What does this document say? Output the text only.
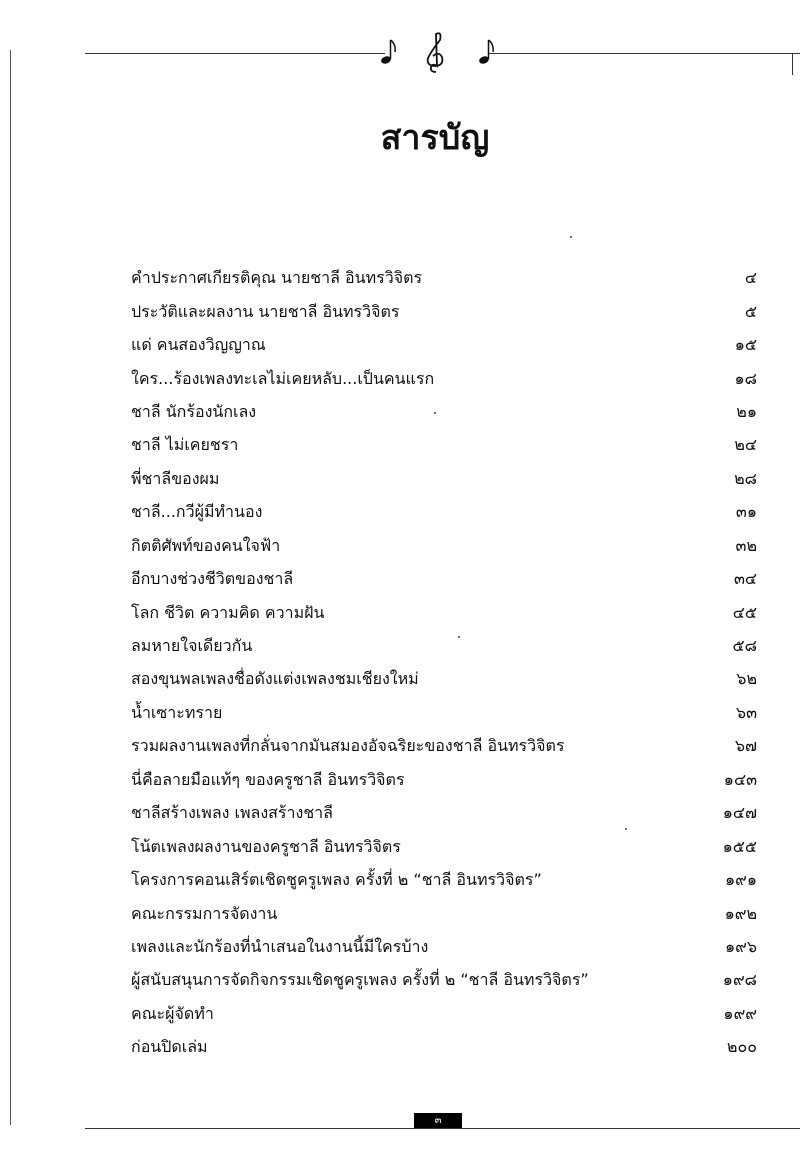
สารบัญ
คำประกาศเกียรติคุณ นายชาลี อินทรวิจิตร	๔
ประวัติและผลงาน นายชาลี อินทรวิจิตร	๕
แด่ คนสองวิญญาณ	๑๕
ใคร...ร้องเพลงทะเลไม่เคยหลับ...เป็นคนแรก	๑๘
ชาลี นักร้องนักเลง	๒๑
ชาลี ไม่เคยชรา	๒๔
พี่ชาลีของผม	๒๘
ชาลี...กวีผู้มีทำนอง	๓๑
กิตติศัพท์ของคนใจฟ้า	๓๒
อีกบางช่วงชีวิตของชาลี	๓๔
โลก ชีวิต ความคิด ความฝัน	๔๕
ลมหายใจเดียวกัน	๕๘
สองขุนพลเพลงชื่อดังแต่งเพลงชมเชียงใหม่	๖๒
น้ำเซาะทราย	๖๓
รวมผลงานเพลงที่กลั่นจากมันสมองอัจฉริยะของชาลี อินทรวิจิตร	๖๗
นี่คือลายมือแท้ๆ ของครูชาลี อินทรวิจิตร	๑๔๓
ชาลีสร้างเพลง เพลงสร้างชาลี	๑๔๗
โน้ตเพลงผลงานของครูชาลี อินทรวิจิตร	๑๕๕
โครงการคอนเสิร์ตเชิดชูครูเพลง ครั้งที่ ๒ “ชาลี อินทรวิจิตร”	๑๙๑
คณะกรรมการจัดงาน	๑๙๒
เพลงและนักร้องที่นำเสนอในงานนี้มีใครบ้าง	๑๙๖
ผู้สนับสนุนการจัดกิจกรรมเชิดชูครูเพลง ครั้งที่ ๒ “ชาลี อินทรวิจิตร”	๑๙๘
คณะผู้จัดทำ	๑๙๙
ก่อนปิดเล่ม	๒๐๐
๓
